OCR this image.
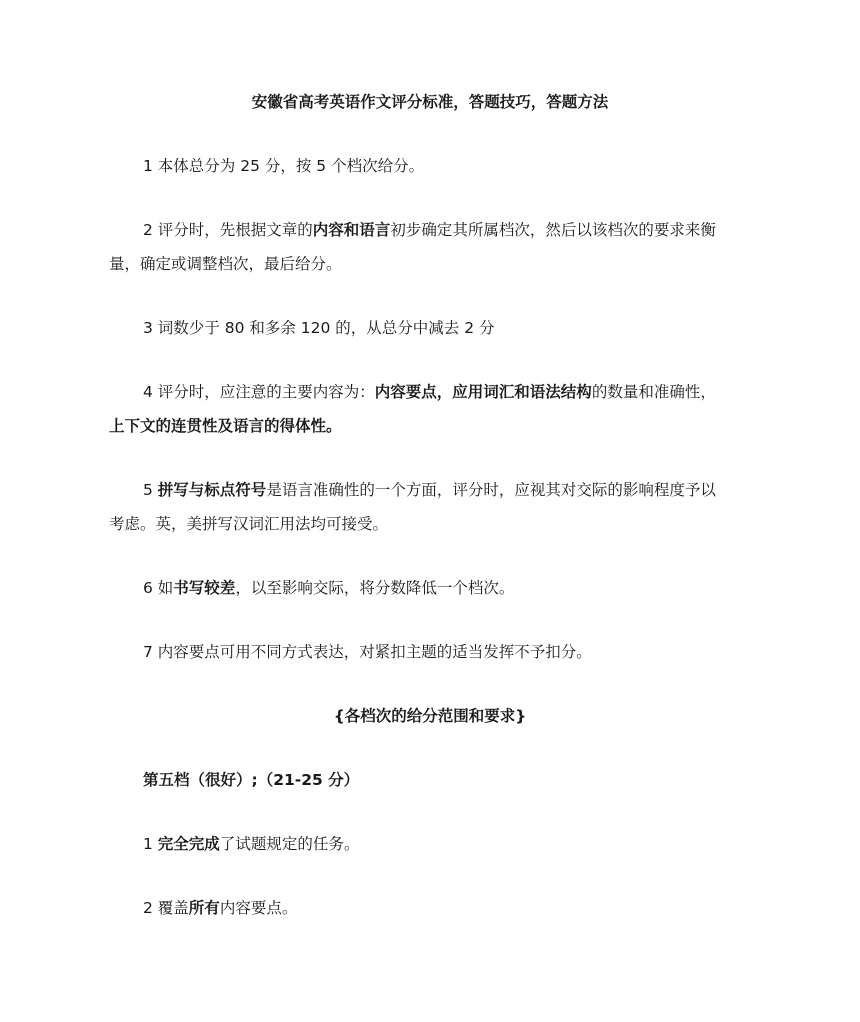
安徽省高考英语作文评分标准，答题技巧，答题方法

1 本体总分为 25 分，按 5 个档次给分。

2 评分时，先根据文章的内容和语言初步确定其所属档次，然后以该档次的要求来衡

量，确定或调整档次，最后给分。

3 词数少于 80 和多余 120 的，从总分中减去 2 分

4 评分时，应注意的主要内容为：内容要点，应用词汇和语法结构的数量和准确性，

上下文的连贯性及语言的得体性。

5 拼写与标点符号是语言准确性的一个方面，评分时，应视其对交际的影响程度予以

考虑。英，美拼写汉词汇用法均可接受。

6 如书写较差，以至影响交际，将分数降低一个档次。

7 内容要点可用不同方式表达，对紧扣主题的适当发挥不予扣分。

{各档次的给分范围和要求}

第五档（很好）;（21-25 分）

1 完全完成了试题规定的任务。

2 覆盖所有内容要点。
